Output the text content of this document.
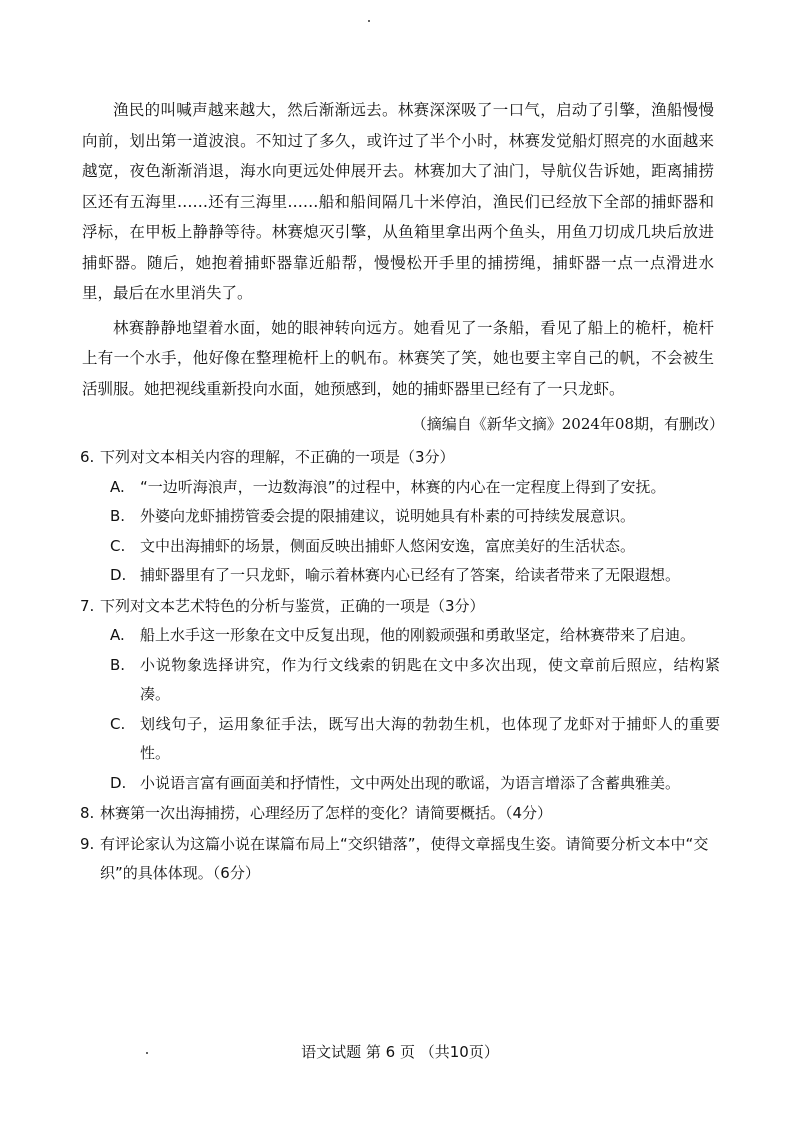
渔民的叫喊声越来越大，然后渐渐远去。林赛深深吸了一口气，启动了引擎，渔船慢慢向前，划出第一道波浪。不知过了多久，或许过了半个小时，林赛发觉船灯照亮的水面越来越宽，夜色渐渐消退，海水向更远处伸展开去。林赛加大了油门，导航仪告诉她，距离捕捞区还有五海里……还有三海里……船和船间隔几十米停泊，渔民们已经放下全部的捕虾器和浮标，在甲板上静静等待。林赛熄灭引擎，从鱼箱里拿出两个鱼头，用鱼刀切成几块后放进捕虾器。随后，她抱着捕虾器靠近船帮，慢慢松开手里的捕捞绳，捕虾器一点一点滑进水里，最后在水里消失了。

林赛静静地望着水面，她的眼神转向远方。她看见了一条船，看见了船上的桅杆，桅杆上有一个水手，他好像在整理桅杆上的帆布。林赛笑了笑，她也要主宰自己的帆，不会被生活驯服。她把视线重新投向水面，她预感到，她的捕虾器里已经有了一只龙虾。

（摘编自《新华文摘》2024年08期，有删改）
6. 下列对文本相关内容的理解，不正确的一项是（3分）
A.	“一边听海浪声，一边数海浪”的过程中，林赛的内心在一定程度上得到了安抚。
B. 外婆向龙虾捕捞管委会提的限捕建议，说明她具有朴素的可持续发展意识。
C. 文中出海捕虾的场景，侧面反映出捕虾人悠闲安逸，富庶美好的生活状态。
D. 捕虾器里有了一只龙虾，喻示着林赛内心已经有了答案，给读者带来了无限遐想。
7. 下列对文本艺术特色的分析与鉴赏，正确的一项是（3分）
A.	船上水手这一形象在文中反复出现，他的刚毅顽强和勇敢坚定，给林赛带来了启迪。
B. 小说物象选择讲究，作为行文线索的钥匙在文中多次出现，使文章前后照应，结构紧凑。
C. 划线句子，运用象征手法，既写出大海的勃勃生机，也体现了龙虾对于捕虾人的重要性。
D. 小说语言富有画面美和抒情性，文中两处出现的歌谣，为语言增添了含蓄典雅美。
8. 林赛第一次出海捕捞，心理经历了怎样的变化？请简要概括。（4分）
9. 有评论家认为这篇小说在谋篇布局上“交织错落”，使得文章摇曳生姿。请简要分析文本中“交织”的具体体现。（6分）
语文试题 第 6 页 （共10页）
